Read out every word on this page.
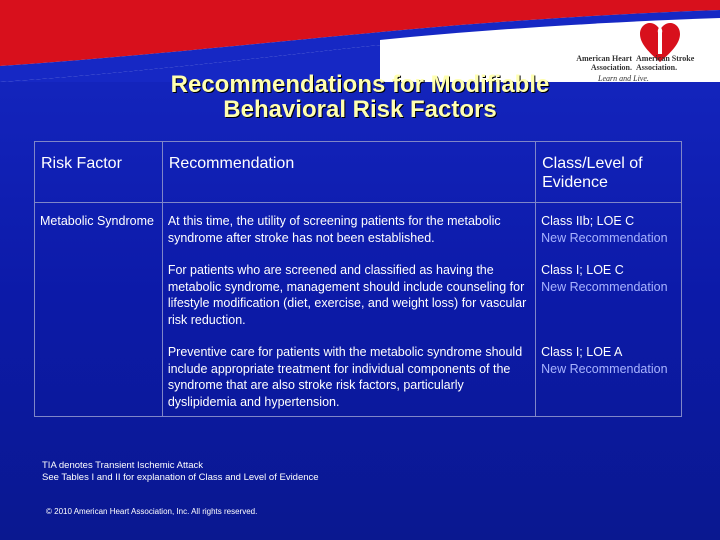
American Heart
Association.
American Stroke
Association.
Learn and Live.
Recommendations for Modifiable
Behavioral Risk Factors
Risk Factor	Recommendation	Class/Level of Evidence
Metabolic Syndrome	At this time, the utility of screening patients for the metabolic syndrome after stroke has not been established.	Class IIb; LOE C
New Recommendation

	For patients who are screened and classified as having the metabolic syndrome, management should include counseling for lifestyle modification (diet, exercise, and weight loss) for vascular risk reduction.	Class I; LOE C
New Recommendation

	Preventive care for patients with the metabolic syndrome should include appropriate treatment for individual components of the syndrome that are also stroke risk factors, particularly dyslipidemia and hypertension.	Class I; LOE A
New Recommendation
TIA denotes Transient Ischemic Attack
See Tables I and II for explanation of Class and Level of Evidence
© 2010 American Heart Association, Inc. All rights reserved.
